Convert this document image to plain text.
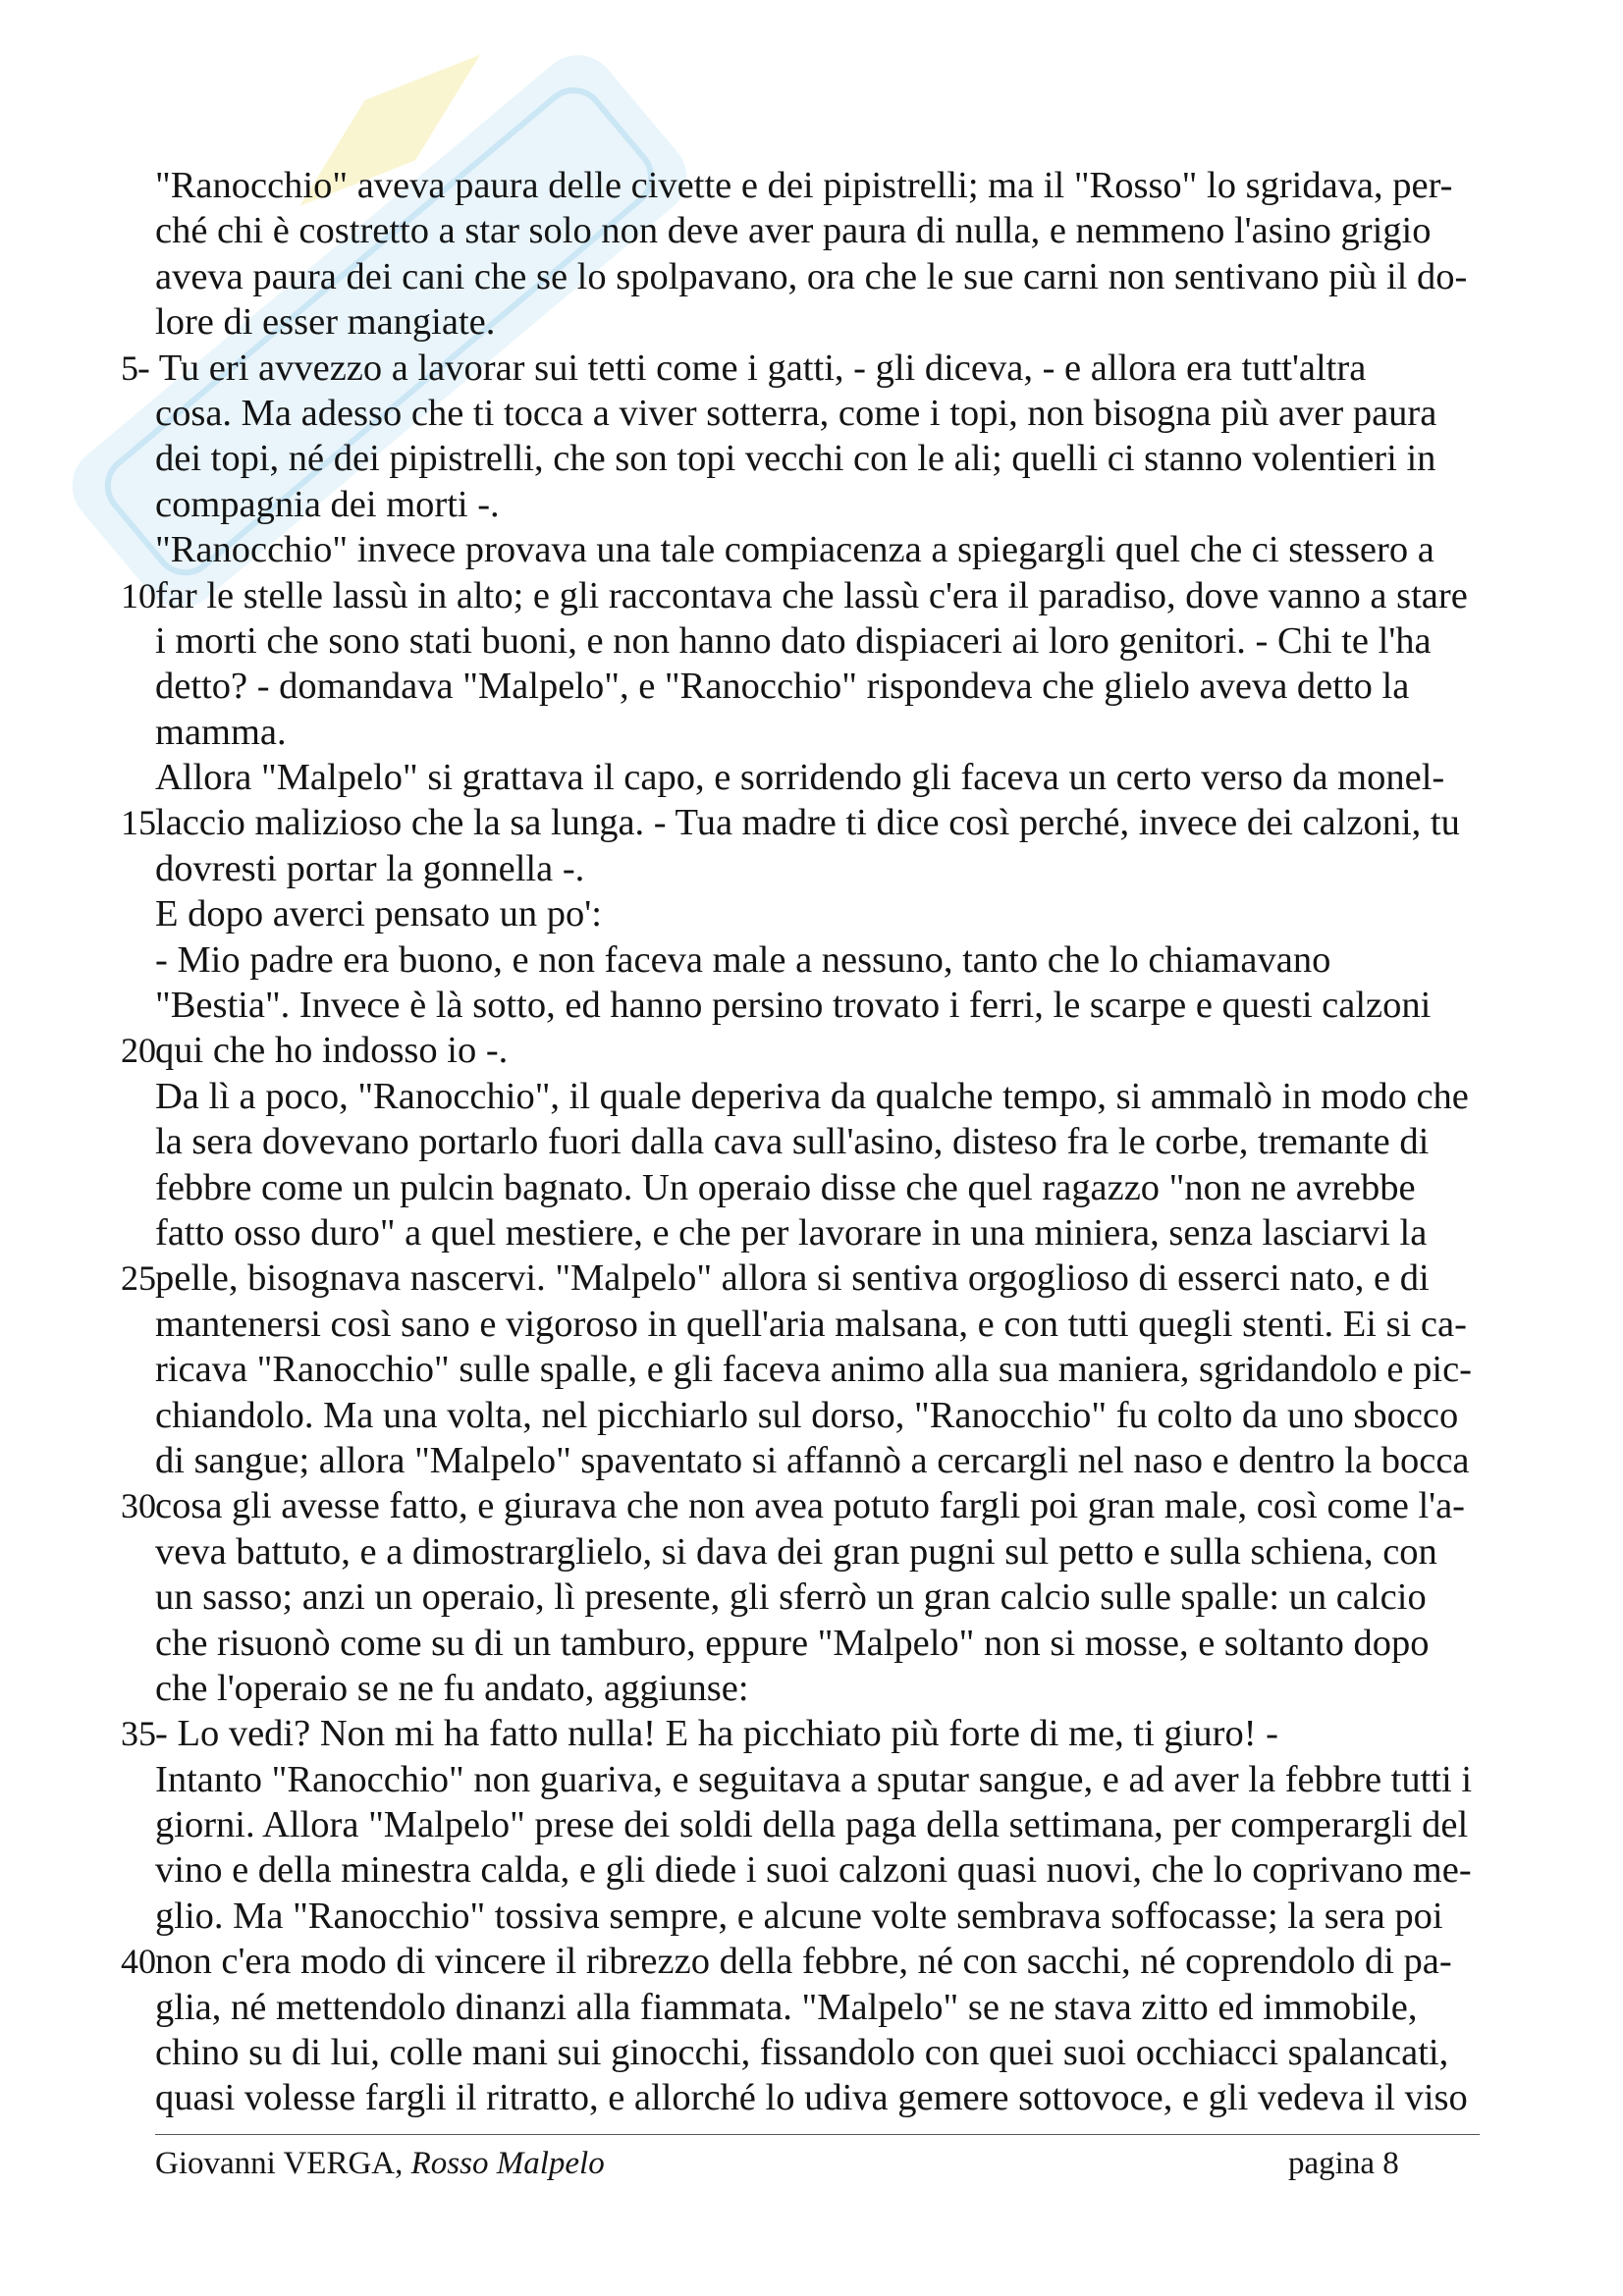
"Ranocchio" aveva paura delle civette e dei pipistrelli; ma il "Rosso" lo sgridava, per-
ché chi è costretto a star solo non deve aver paura di nulla, e nemmeno l'asino grigio
aveva paura dei cani che se lo spolpavano, ora che le sue carni non sentivano più il do-
lore di esser mangiate.
5 - Tu eri avvezzo a lavorar sui tetti come i gatti, - gli diceva, - e allora era tutt'altra
cosa. Ma adesso che ti tocca a viver sotterra, come i topi, non bisogna più aver paura
dei topi, né dei pipistrelli, che son topi vecchi con le ali; quelli ci stanno volentieri in
compagnia dei morti -.
"Ranocchio" invece provava una tale compiacenza a spiegargli quel che ci stessero a
10 far le stelle lassù in alto; e gli raccontava che lassù c'era il paradiso, dove vanno a stare
i morti che sono stati buoni, e non hanno dato dispiaceri ai loro genitori. - Chi te l'ha
detto? - domandava "Malpelo", e "Ranocchio" rispondeva che glielo aveva detto la
mamma.
Allora "Malpelo" si grattava il capo, e sorridendo gli faceva un certo verso da monel-
15 laccio malizioso che la sa lunga. - Tua madre ti dice così perché, invece dei calzoni, tu
dovresti portar la gonnella -.
E dopo averci pensato un po':
- Mio padre era buono, e non faceva male a nessuno, tanto che lo chiamavano
"Bestia". Invece è là sotto, ed hanno persino trovato i ferri, le scarpe e questi calzoni
20 qui che ho indosso io -.
Da lì a poco, "Ranocchio", il quale deperiva da qualche tempo, si ammalò in modo che
la sera dovevano portarlo fuori dalla cava sull'asino, disteso fra le corbe, tremante di
febbre come un pulcin bagnato. Un operaio disse che quel ragazzo "non ne avrebbe
fatto osso duro" a quel mestiere, e che per lavorare in una miniera, senza lasciarvi la
25 pelle, bisognava nascervi. "Malpelo" allora si sentiva orgoglioso di esserci nato, e di
mantenersi così sano e vigoroso in quell'aria malsana, e con tutti quegli stenti. Ei si ca-
ricava "Ranocchio" sulle spalle, e gli faceva animo alla sua maniera, sgridandolo e pic-
chiandolo. Ma una volta, nel picchiarlo sul dorso, "Ranocchio" fu colto da uno sbocco
di sangue; allora "Malpelo" spaventato si affannò a cercargli nel naso e dentro la bocca
30 cosa gli avesse fatto, e giurava che non avea potuto fargli poi gran male, così come l'a-
veva battuto, e a dimostrarglielo, si dava dei gran pugni sul petto e sulla schiena, con
un sasso; anzi un operaio, lì presente, gli sferrò un gran calcio sulle spalle: un calcio
che risuonò come su di un tamburo, eppure "Malpelo" non si mosse, e soltanto dopo
che l'operaio se ne fu andato, aggiunse:
35 - Lo vedi? Non mi ha fatto nulla! E ha picchiato più forte di me, ti giuro! -
Intanto "Ranocchio" non guariva, e seguitava a sputar sangue, e ad aver la febbre tutti i
giorni. Allora "Malpelo" prese dei soldi della paga della settimana, per comperargli del
vino e della minestra calda, e gli diede i suoi calzoni quasi nuovi, che lo coprivano me-
glio. Ma "Ranocchio" tossiva sempre, e alcune volte sembrava soffocasse; la sera poi
40 non c'era modo di vincere il ribrezzo della febbre, né con sacchi, né coprendolo di pa-
glia, né mettendolo dinanzi alla fiammata. "Malpelo" se ne stava zitto ed immobile,
chino su di lui, colle mani sui ginocchi, fissandolo con quei suoi occhiacci spalancati,
quasi volesse fargli il ritratto, e allorché lo udiva gemere sottovoce, e gli vedeva il viso
Giovanni VERGA, Rosso Malpelo	pagina 8
